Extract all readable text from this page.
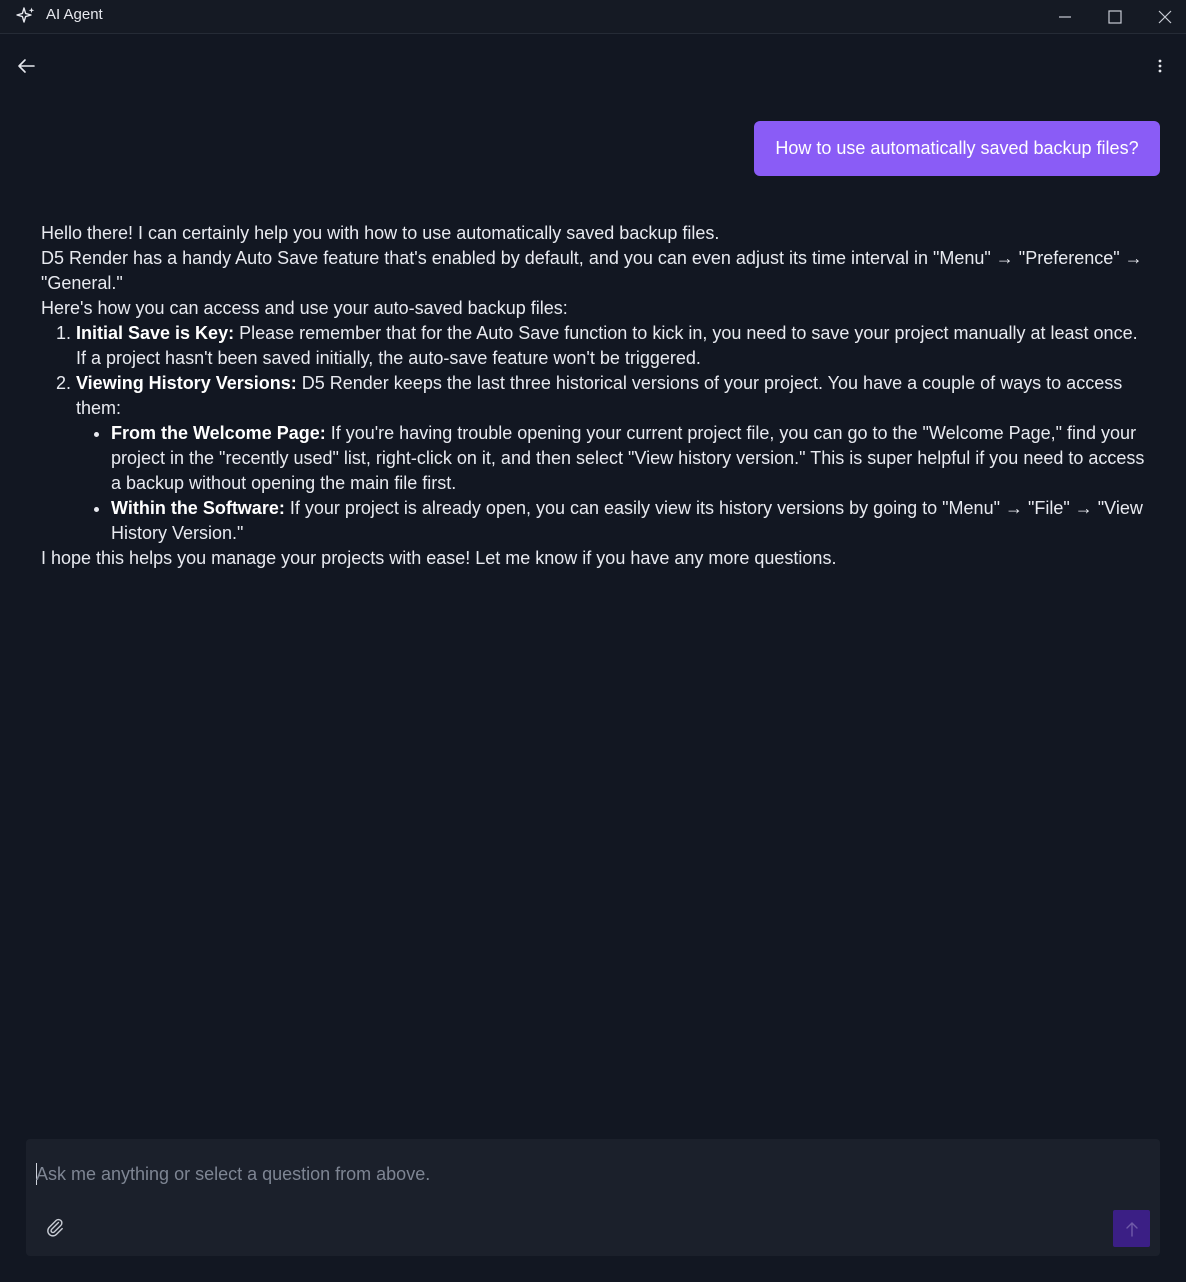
AI Agent
How to use automatically saved backup files?

Hello there! I can certainly help you with how to use automatically saved backup files.

D5 Render has a handy Auto Save feature that's enabled by default, and you can even adjust its time interval in "Menu" → "Preference" → "General."

Here's how you can access and use your auto-saved backup files:

1. Initial Save is Key: Please remember that for the Auto Save function to kick in, you need to save your project manually at least once. If a project hasn't been saved initially, the auto-save feature won't be triggered.
2. Viewing History Versions: D5 Render keeps the last three historical versions of your project. You have a couple of ways to access them:
• From the Welcome Page: If you're having trouble opening your current project file, you can go to the "Welcome Page," find your project in the "recently used" list, right-click on it, and then select "View history version." This is super helpful if you need to access a backup without opening the main file first.
• Within the Software: If your project is already open, you can easily view its history versions by going to "Menu" → "File" → "View History Version."

I hope this helps you manage your projects with ease! Let me know if you have any more questions.

Ask me anything or select a question from above.
